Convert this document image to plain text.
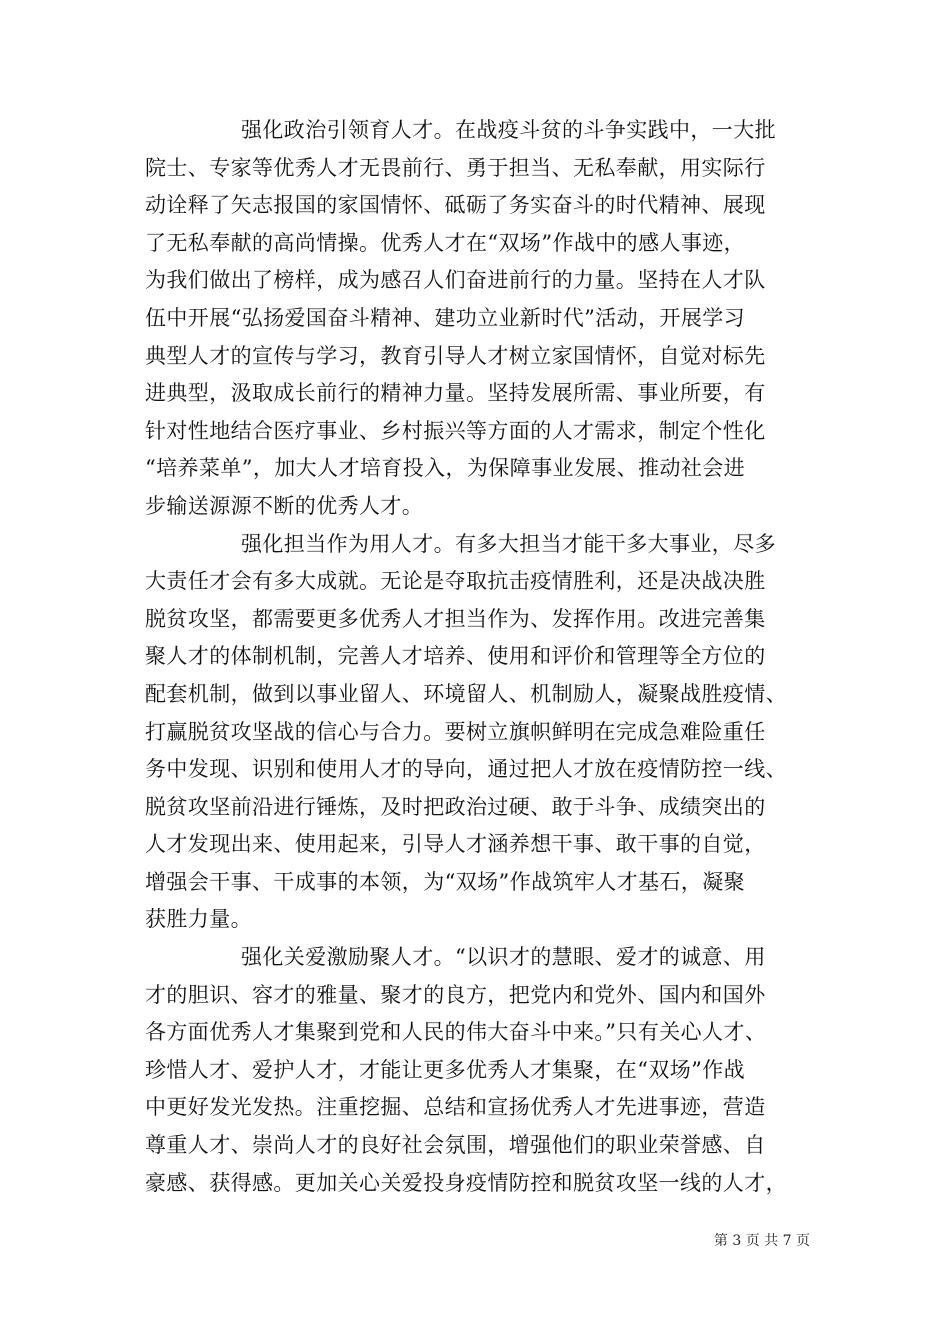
强化政治引领育人才。在战疫斗贫的斗争实践中，一大批
院士、专家等优秀人才无畏前行、勇于担当、无私奉献，用实际行
动诠释了矢志报国的家国情怀、砥砺了务实奋斗的时代精神、展现
了无私奉献的高尚情操。优秀人才在“双场”作战中的感人事迹，
为我们做出了榜样，成为感召人们奋进前行的力量。坚持在人才队
伍中开展“弘扬爱国奋斗精神、建功立业新时代”活动，开展学习
典型人才的宣传与学习，教育引导人才树立家国情怀，自觉对标先
进典型，汲取成长前行的精神力量。坚持发展所需、事业所要，有
针对性地结合医疗事业、乡村振兴等方面的人才需求，制定个性化
“培养菜单”，加大人才培育投入，为保障事业发展、推动社会进
步输送源源不断的优秀人才。
强化担当作为用人才。有多大担当才能干多大事业，尽多
大责任才会有多大成就。无论是夺取抗击疫情胜利，还是决战决胜
脱贫攻坚，都需要更多优秀人才担当作为、发挥作用。改进完善集
聚人才的体制机制，完善人才培养、使用和评价和管理等全方位的
配套机制，做到以事业留人、环境留人、机制励人，凝聚战胜疫情、
打赢脱贫攻坚战的信心与合力。要树立旗帜鲜明在完成急难险重任
务中发现、识别和使用人才的导向，通过把人才放在疫情防控一线、
脱贫攻坚前沿进行锤炼，及时把政治过硬、敢于斗争、成绩突出的
人才发现出来、使用起来，引导人才涵养想干事、敢干事的自觉，
增强会干事、干成事的本领，为“双场”作战筑牢人才基石，凝聚
获胜力量。
强化关爱激励聚人才。“以识才的慧眼、爱才的诚意、用
才的胆识、容才的雅量、聚才的良方，把党内和党外、国内和国外
各方面优秀人才集聚到党和人民的伟大奋斗中来。”只有关心人才、
珍惜人才、爱护人才，才能让更多优秀人才集聚，在“双场”作战
中更好发光发热。注重挖掘、总结和宣扬优秀人才先进事迹，营造
尊重人才、崇尚人才的良好社会氛围，增强他们的职业荣誉感、自
豪感、获得感。更加关心关爱投身疫情防控和脱贫攻坚一线的人才，
第 3 页 共 7 页
